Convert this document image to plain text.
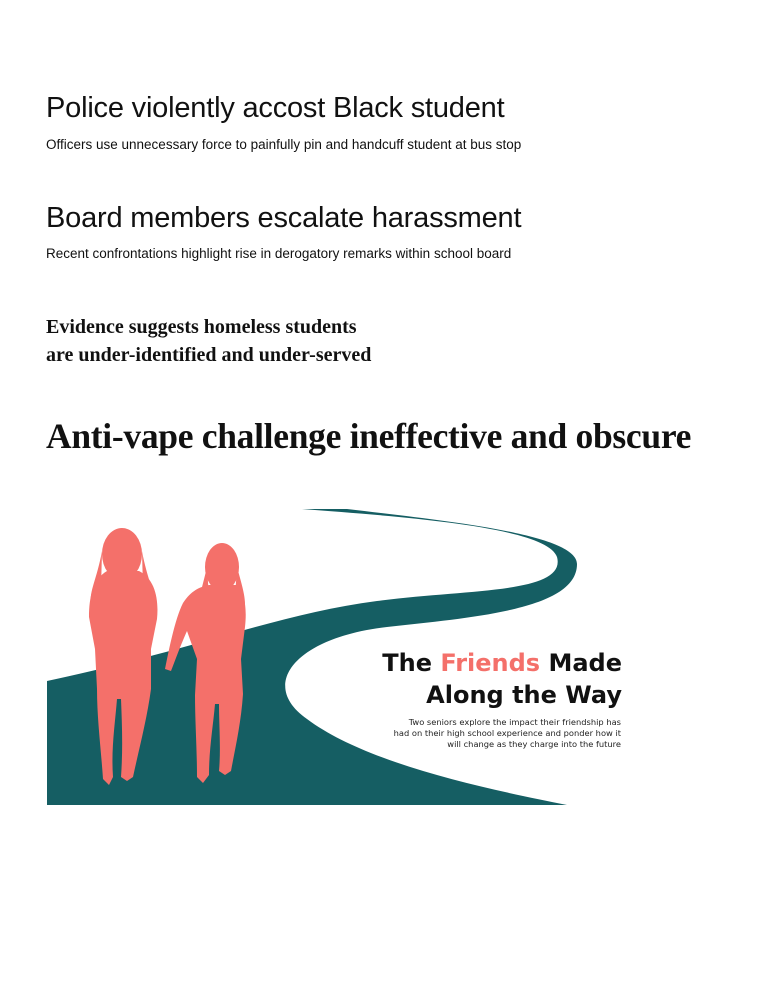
Police violently accost Black student

Officers use unnecessary force to painfully pin and handcuff student at bus stop

Board members escalate harassment

Recent confrontations highlight rise in derogatory remarks within school board

Evidence suggests homeless students
are under-identified and under-served
Anti-vape challenge ineffective and obscure
The Friends Made
Along the Way
Two seniors explore the impact their friendship has had on their high school experience and ponder how it will change as they charge into the future
